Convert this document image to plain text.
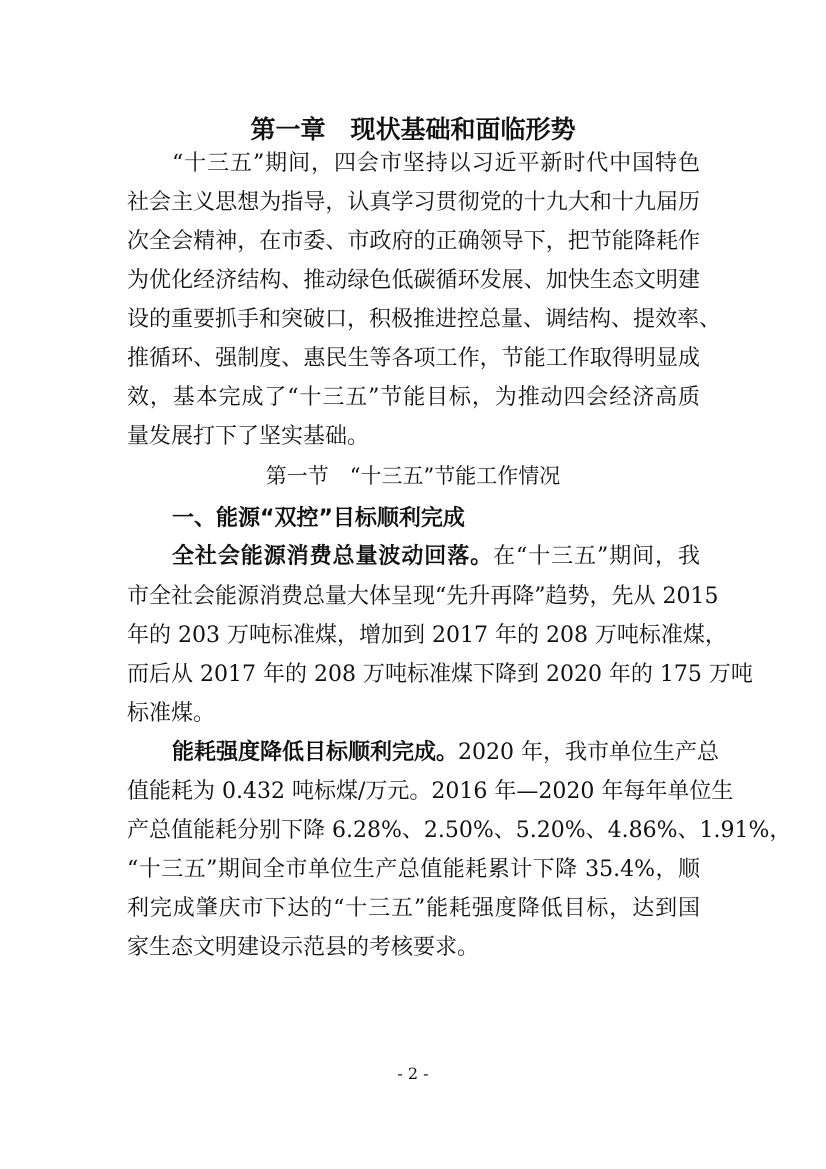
第一章　现状基础和面临形势
“十三五”期间，四会市坚持以习近平新时代中国特色
社会主义思想为指导，认真学习贯彻党的十九大和十九届历
次全会精神，在市委、市政府的正确领导下，把节能降耗作
为优化经济结构、推动绿色低碳循环发展、加快生态文明建
设的重要抓手和突破口，积极推进控总量、调结构、提效率、
推循环、强制度、惠民生等各项工作，节能工作取得明显成
效，基本完成了“十三五”节能目标，为推动四会经济高质
量发展打下了坚实基础。
第一节　“十三五”节能工作情况
一、能源“双控”目标顺利完成
全社会能源消费总量波动回落。在“十三五”期间，我
市全社会能源消费总量大体呈现“先升再降”趋势，先从 2015
年的 203 万吨标准煤，增加到 2017 年的 208 万吨标准煤，
而后从 2017 年的 208 万吨标准煤下降到 2020 年的 175 万吨
标准煤。
能耗强度降低目标顺利完成。2020 年，我市单位生产总
值能耗为 0.432 吨标煤/万元。2016 年—2020 年每年单位生
产总值能耗分别下降 6.28%、2.50%、5.20%、4.86%、1.91%，
“十三五”期间全市单位生产总值能耗累计下降 35.4%，顺
利完成肇庆市下达的“十三五”能耗强度降低目标，达到国
家生态文明建设示范县的考核要求。
- 2 -
